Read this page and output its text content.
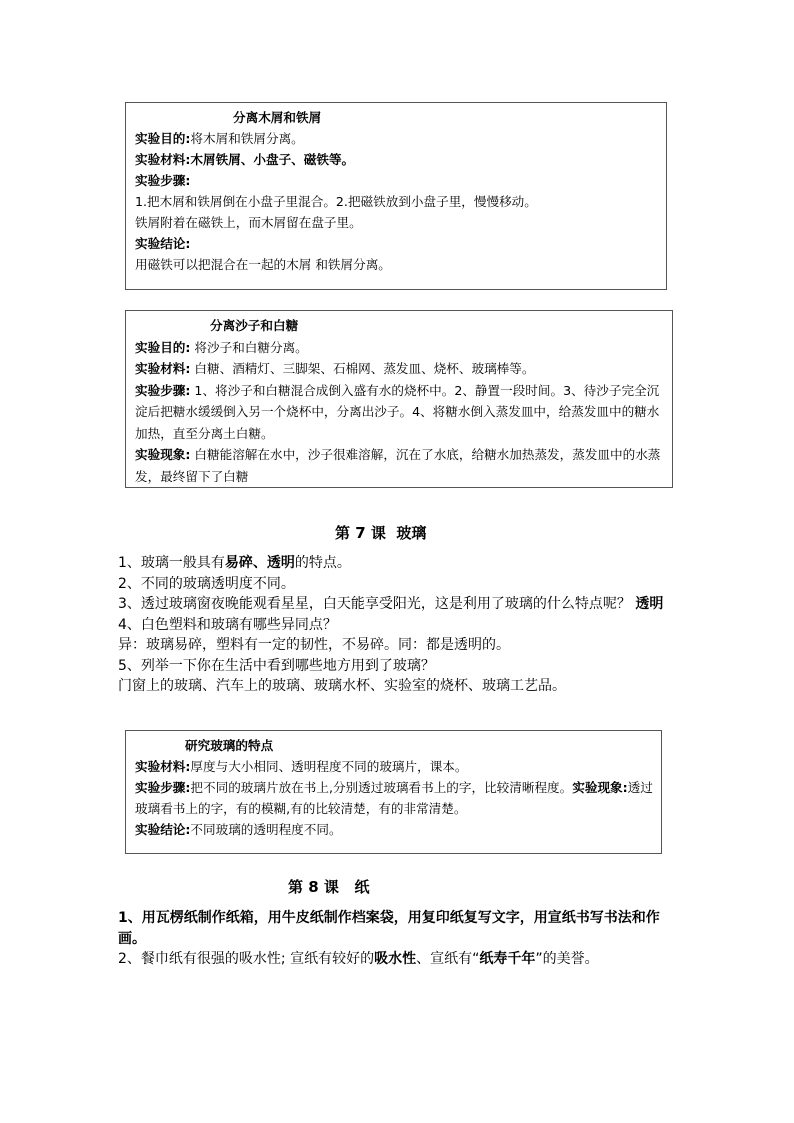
分离木屑和铁屑
实验目的:将木屑和铁屑分离。
实验材料:木屑铁屑、小盘子、磁铁等。
实验步骤:
1.把木屑和铁屑倒在小盘子里混合。2.把磁铁放到小盘子里，慢慢移动。
铁屑附着在磁铁上，而木屑留在盘子里。
实验结论:
用磁铁可以把混合在一起的木屑 和铁屑分离。
分离沙子和白糖
实验目的: 将沙子和白糖分离。
实验材料: 白糖、酒精灯、三脚架、石棉网、蒸发皿、烧杯、玻璃棒等。
实验步骤: 1、将沙子和白糖混合成倒入盛有水的烧杯中。2、静置一段时间。3、待沙子完全沉淀后把糖水缓缓倒入另一个烧杯中，分离出沙子。4、将糖水倒入蒸发皿中，给蒸发皿中的糖水加热，直至分离土白糖。
实验现象: 白糖能溶解在水中，沙子很难溶解，沉在了水底，给糖水加热蒸发，蒸发皿中的水蒸发，最终留下了白糖
第 7 课  玻璃
1、玻璃一般具有易碎、透明的特点。
2、不同的玻璃透明度不同。
3、透过玻璃窗夜晚能观看星星，白天能享受阳光，这是利用了玻璃的什么特点呢？ 透明
4、白色塑料和玻璃有哪些异同点？
异：玻璃易碎，塑料有一定的韧性，不易碎。同：都是透明的。
5、列举一下你在生活中看到哪些地方用到了玻璃？
门窗上的玻璃、汽车上的玻璃、玻璃水杯、实验室的烧杯、玻璃工艺品。
研究玻璃的特点
实验材料:厚度与大小相同、透明程度不同的玻璃片，课本。
实验步骤:把不同的玻璃片放在书上,分别透过玻璃看书上的字，比较清晰程度。实验现象:透过玻璃看书上的字，有的模糊,有的比较清楚，有的非常清楚。
实验结论:不同玻璃的透明程度不同。
第 8 课   纸
1、用瓦楞纸制作纸箱，用牛皮纸制作档案袋，用复印纸复写文字，用宣纸书写书法和作画。
2、餐巾纸有很强的吸水性; 宣纸有较好的吸水性、宣纸有“纸寿千年”的美誉。
